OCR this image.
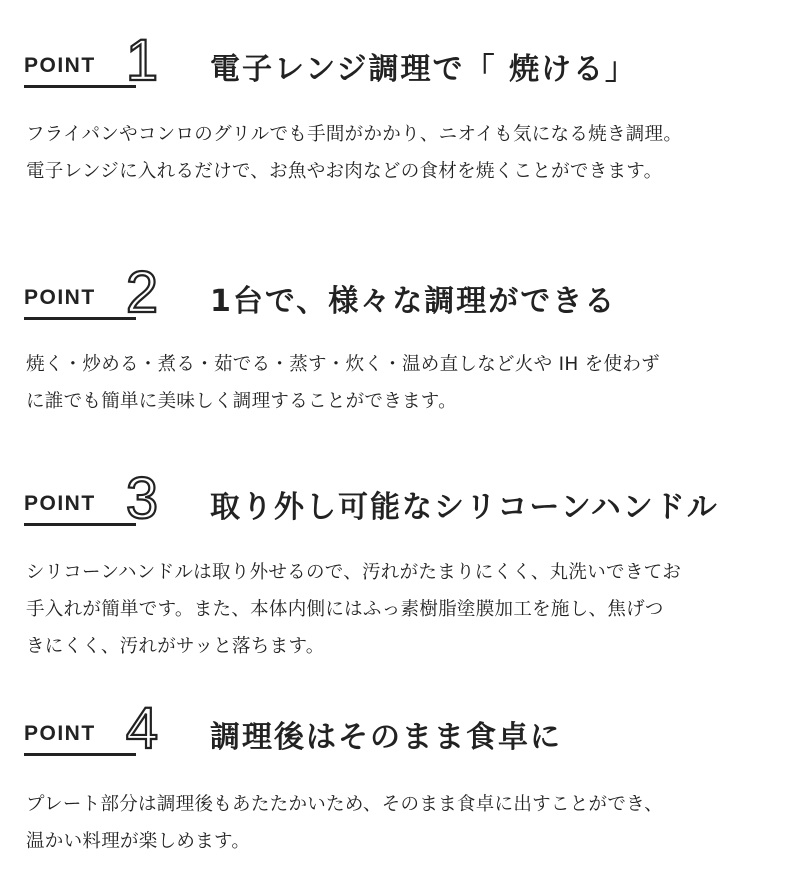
POINT 1	電子レンジ調理で「 焼ける」
フライパンやコンロのグリルでも手間がかかり、ニオイも気になる焼き調理。
電子レンジに入れるだけで、お魚やお肉などの食材を焼くことができます。
POINT 2	1台で、様々な調理ができる
焼く・炒める・煮る・茹でる・蒸す・炊く・温め直しなど火や IH を使わず
に誰でも簡単に美味しく調理することができます。
POINT 3	取り外し可能なシリコーンハンドル
シリコーンハンドルは取り外せるので、汚れがたまりにくく、丸洗いできてお
手入れが簡単です。また、本体内側にはふっ素樹脂塗膜加工を施し、焦げつ
きにくく、汚れがサッと落ちます。
POINT 4	調理後はそのまま食卓に
プレート部分は調理後もあたたかいため、そのまま食卓に出すことができ、
温かい料理が楽しめます。
